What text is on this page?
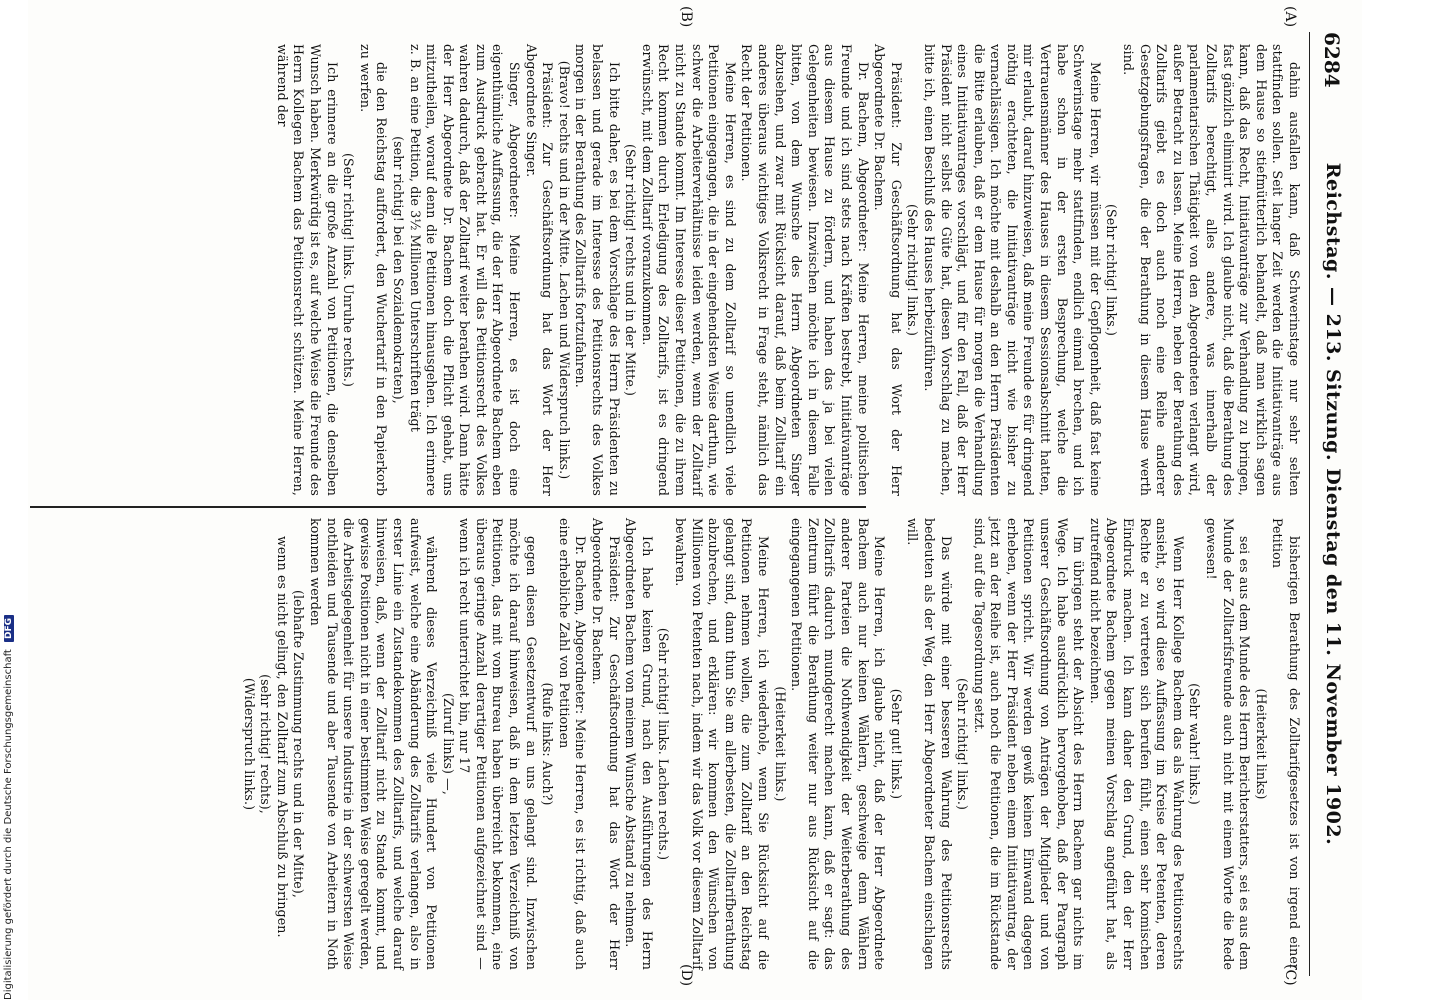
6284
Reichstag. — 213. Sitzung. Dienstag den 11. November 1902.
(A)
(B)
(C)
(D)

dahin ausfallen kann, daß Schwerinstage nur sehr selten stattfinden sollen. Seit langer Zeit werden die Initiativanträge aus dem Hause so stiefmütterlich behandelt, daß man wirklich sagen kann, daß das Recht, Initiativanträge zur Verhandlung zu bringen, fast gänzlich eliminirt wird. Ich glaube nicht, daß die Berathung des Zolltarifs berechtigt, alles andere, was innerhalb der parlamentarischen Thätigkeit von den Abgeordneten verlangt wird, außer Betracht zu lassen. Meine Herren, neben der Berathung des Zolltarifs giebt es doch auch noch eine Reihe anderer Gesetzgebungsfragen, die der Berathung in diesem Hause werth sind.

(Sehr richtig! links.)

Meine Herren, wir müssen mit der Gepflogenheit, daß fast keine Schwerinstage mehr stattfinden, endlich einmal brechen, und ich habe schon in der ersten Besprechung, welche die Vertrauensmänner des Hauses in diesem Sessionsabschnitt hatten, mir erlaubt, darauf hinzuweisen, daß meine Freunde es für dringend nöthig erachteten, die Initiativanträge nicht wie bisher zu vernachlässigen. Ich möchte mit deshalb an den Herrn Präsidenten die Bitte erlauben, daß er dem Hause für morgen die Verhandlung eines Initiativantrages vorschlägt, und für den Fall, daß der Herr Präsident nicht selbst die Güte hat, diesen Vorschlag zu machen, bitte ich, einen Beschluß des Hauses herbeizuführen.

(Sehr richtig! links.)

Präsident: Zur Geschäftsordnung hat das Wort der Herr Abgeordnete Dr. Bachem.

Dr. Bachem, Abgeordneter: Meine Herren, meine politischen Freunde und ich sind stets nach Kräften bestrebt, Initiativanträge aus diesem Hause zu fördern, und haben das ja bei vielen Gelegenheiten bewiesen. Inzwischen möchte ich in diesem Falle bitten, von dem Wunsche des Herrn Abgeordneten Singer abzusehen, und zwar mit Rücksicht darauf, daß beim Zolltarif ein anderes überaus wichtiges Volksrecht in Frage steht, nämlich das Recht der Petitionen.

Meine Herren, es sind zu dem Zolltarif so unendlich viele Petitionen eingegangen, die in der eingehendsten Weise darthun, wie schwer die Arbeiterverhältnisse leiden werden, wenn der Zolltarif nicht zu Stande kommt. Im Interesse dieser Petitionen, die zu ihrem Recht kommen durch Erledigung des Zolltarifs, ist es dringend erwünscht, mit dem Zolltarif voranzukommen.

(Sehr richtig! rechts und in der Mitte.)

Ich bitte daher, es bei dem Vorschlage des Herrn Präsidenten zu belassen und gerade im Interesse des Petitionsrechts des Volkes morgen in der Berathung des Zolltarifs fortzufahren.

(Bravo! rechts und in der Mitte. Lachen und Widerspruch links.)

Präsident: Zur Geschäftsordnung hat das Wort der Herr Abgeordnete Singer.

Singer, Abgeordneter: Meine Herren, es ist doch eine eigenthümliche Auffassung, die der Herr Abgeordnete Bachem eben zum Ausdruck gebracht hat. Er will das Petitionsrecht des Volkes wahren dadurch, daß der Zolltarif weiter berathen wird. Dann hätte der Herr Abgeordnete Dr. Bachem doch die Pflicht gehabt, uns mitzutheilen, worauf denn die Petitionen hinausgehen. Ich erinnere z. B. an eine Petition, die 3½ Millionen Unterschriften trägt

(sehr richtig! bei den Sozialdemokraten),

die den Reichstag auffordert, den Wuchertarif in den Papierkorb zu werfen.

(Sehr richtig! links. Unruhe rechts.)

Ich erinnere an die große Anzahl von Petitionen, die denselben Wunsch haben. Merkwürdig ist es, auf welche Weise die Freunde des Herrn Kollegen Bachem das Petitionsrecht schützen. Meine Herren, während der

bisherigen Berathung des Zolltarifgesetzes ist von irgend einer Petition

(Heiterkeit links)

sei es aus dem Munde des Herrn Berichterstatters, sei es aus dem Munde der Zolltarifsfreunde auch nicht mit einem Worte die Rede gewesen!

(Sehr wahr! links.)

Wenn Herr Kollege Bachem das als Wahrung des Petitionsrechts ansieht, so wird diese Auffassung im Kreise der Petenten, deren Rechte er zu vertreten sich berufen fühlt, einen sehr komischen Eindruck machen. Ich kann daher den Grund, den der Herr Abgeordnete Bachem gegen meinen Vorschlag angeführt hat, als zutreffend nicht bezeichnen.

Im übrigen steht der Absicht des Herrn Bachem gar nichts im Wege. Ich habe ausdrücklich hervorgehoben, daß der Paragraph unserer Geschäftsordnung von Anträgen der Mitglieder und von Petitionen spricht. Wir werden gewiß keinen Einwand dagegen erheben, wenn der Herr Präsident neben einem Initiativantrag, der jetzt an der Reihe ist, auch noch die Petitionen, die im Rückstande sind, auf die Tagesordnung setzt.

(Sehr richtig! links.)

Das würde mit einer besseren Wahrung des Petitionsrechts bedeuten als der Weg, den Herr Abgeordneter Bachem einschlagen will.

(Sehr gut! links.)

Meine Herren, ich glaube nicht, daß der Herr Abgeordnete Bachem auch nur keinen Wählern, geschweige denn Wählern anderer Parteien die Nothwendigkeit der Weiterberathung des Zolltarifs dadurch mundgerecht machen kann, daß er sagt: das Zentrum führt die Berathung weiter nur aus Rücksicht auf die eingegangenen Petitionen.

(Heiterkeit links.)

Meine Herren, ich wiederhole, wenn Sie Rücksicht auf die Petitionen nehmen wollen, die zum Zolltarif an den Reichstag gelangt sind, dann thun Sie am allerbesten, die Zolltarifberathung abzubrechen, und erklären: wir kommen den Wünschen von Millionen von Petenten nach, indem wir das Volk vor diesem Zolltarif bewahren.

(Sehr richtig! links. Lachen rechts.)

Ich habe keinen Grund, nach den Ausführungen des Herrn Abgeordneten Bachem von meinem Wunsche Abstand zu nehmen.

Präsident: Zur Geschäftsordnung hat das Wort der Herr Abgeordnete Dr. Bachem.

Dr. Bachem, Abgeordneter: Meine Herren, es ist richtig, daß auch eine erhebliche Zahl von Petitionen

(Rufe links: Auch?)

gegen diesen Gesetzentwurf an uns gelangt sind. Inzwischen möchte ich darauf hinweisen, daß in dem letzten Verzeichniß von Petitionen, das mit vom Bureau haben überreicht bekommen, eine überaus geringe Anzahl derartiger Petitionen aufgezeichnet sind — wenn ich recht unterrichtet bin, nur 17

(Zuruf links) —,

während dieses Verzeichniß viele Hundert von Petitionen aufweist, welche eine Abänderung des Zolltarifs verlangen, also in erster Linie ein Zustandekommen des Zolltarifs, und welche darauf hinweisen, daß, wenn der Zolltarif nicht zu Stande kommt, und gewisse Positionen nicht in einer bestimmten Weise geregelt werden, die Arbeitsgelegenheit für unsere Industrie in der schwersten Weise nothleiden und Tausende und aber Tausende von Arbeitern in Noth kommen werden

(lebhafte Zustimmung rechts und in der Mitte),

wenn es nicht gelingt, den Zolltarif zum Abschluß zu bringen.

(sehr richtig! rechts),

(Widerspruch links.)

Digitalisierung gefördert durch die Deutsche Forschungsgemeinschaft DFG
